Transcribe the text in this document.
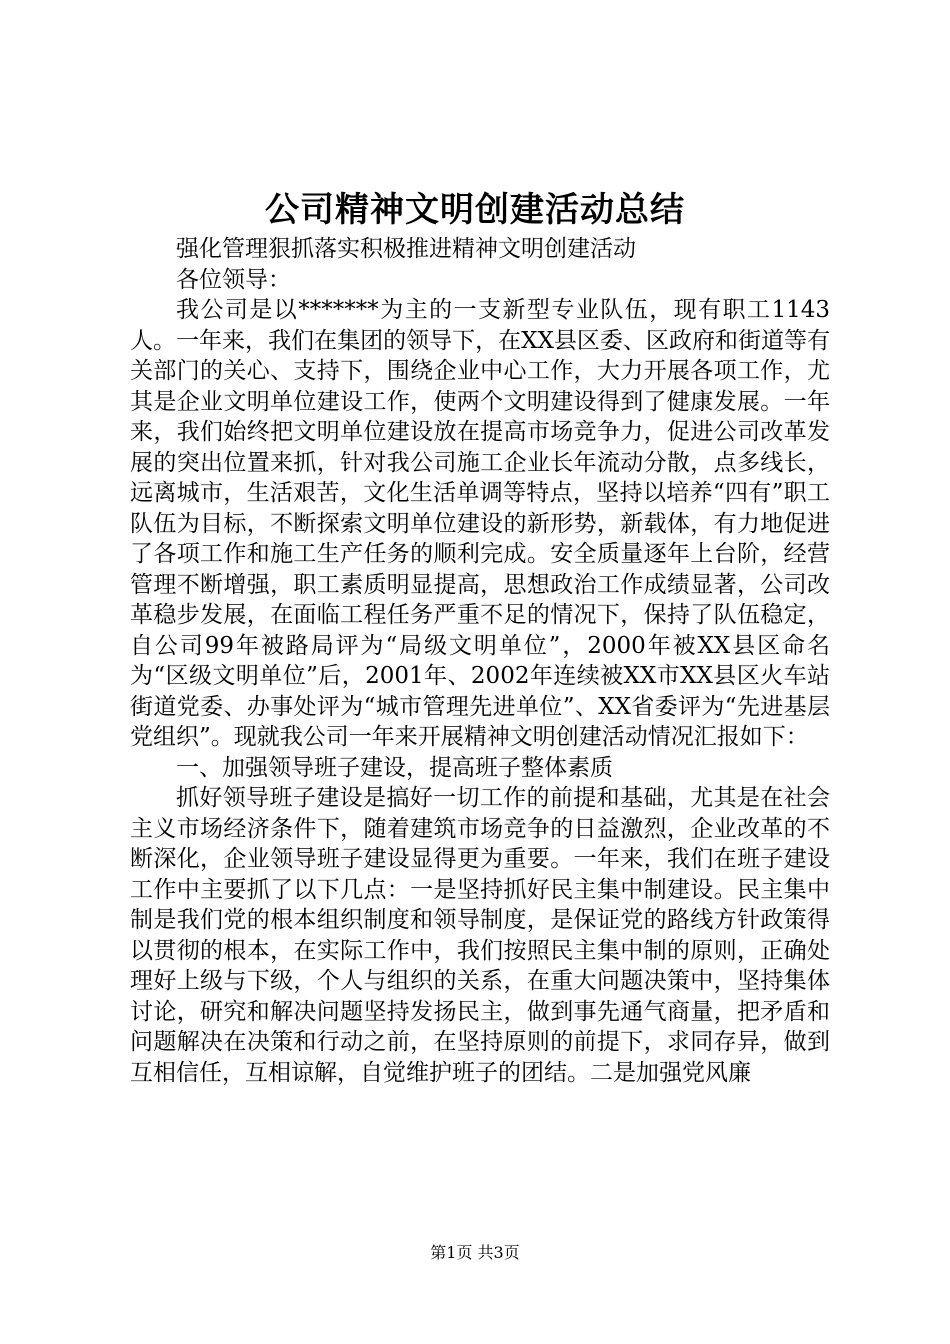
公司精神文明创建活动总结

强化管理狠抓落实积极推进精神文明创建活动

各位领导：

我公司是以*******为主的一支新型专业队伍，现有职工1143人。一年来，我们在集团的领导下，在XX县区委、区政府和街道等有关部门的关心、支持下，围绕企业中心工作，大力开展各项工作，尤其是企业文明单位建设工作，使两个文明建设得到了健康发展。一年来，我们始终把文明单位建设放在提高市场竞争力，促进公司改革发展的突出位置来抓，针对我公司施工企业长年流动分散，点多线长，远离城市，生活艰苦，文化生活单调等特点，坚持以培养“四有”职工队伍为目标，不断探索文明单位建设的新形势，新载体，有力地促进了各项工作和施工生产任务的顺利完成。安全质量逐年上台阶，经营管理不断增强，职工素质明显提高，思想政治工作成绩显著，公司改革稳步发展，在面临工程任务严重不足的情况下，保持了队伍稳定，自公司99年被路局评为“局级文明单位”，2000年被XX县区命名为“区级文明单位”后，2001年、2002年连续被XX市XX县区火车站街道党委、办事处评为“城市管理先进单位”、XX省委评为“先进基层党组织”。现就我公司一年来开展精神文明创建活动情况汇报如下：

一、加强领导班子建设，提高班子整体素质

抓好领导班子建设是搞好一切工作的前提和基础，尤其是在社会主义市场经济条件下，随着建筑市场竞争的日益激烈，企业改革的不断深化，企业领导班子建设显得更为重要。一年来，我们在班子建设工作中主要抓了以下几点：一是坚持抓好民主集中制建设。民主集中制是我们党的根本组织制度和领导制度，是保证党的路线方针政策得以贯彻的根本，在实际工作中，我们按照民主集中制的原则，正确处理好上级与下级，个人与组织的关系，在重大问题决策中，坚持集体讨论，研究和解决问题坚持发扬民主，做到事先通气商量，把矛盾和问题解决在决策和行动之前，在坚持原则的前提下，求同存异，做到互相信任，互相谅解，自觉维护班子的团结。二是加强党风廉

第1页 共3页
